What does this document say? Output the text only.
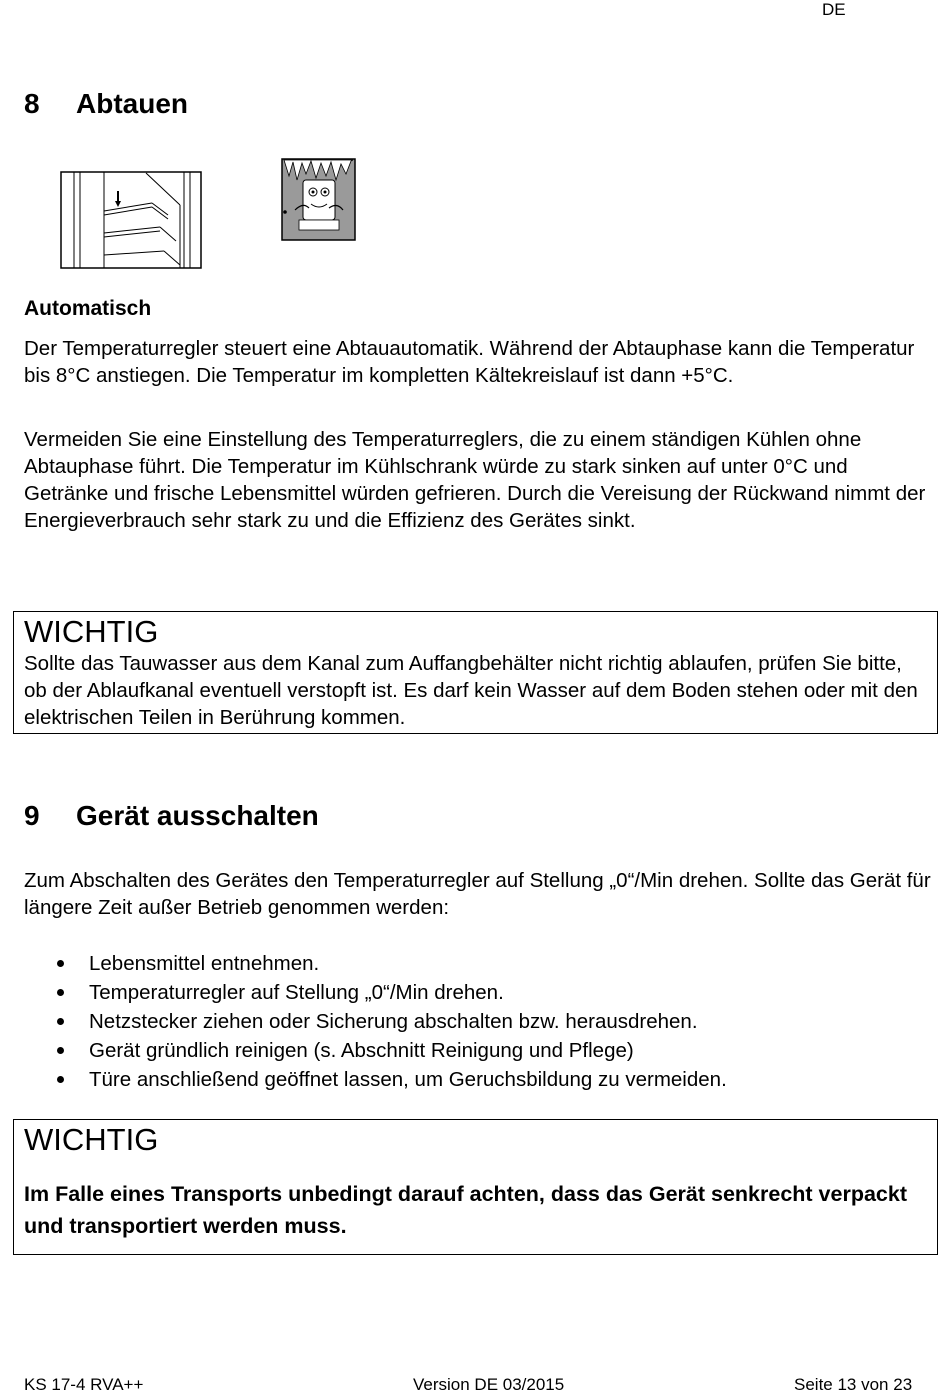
DE
8 Abtauen
Automatisch
Der Temperaturregler steuert eine Abtauautomatik. Während der Abtauphase kann die Temperatur bis 8°C anstiegen. Die Temperatur im kompletten Kältekreislauf ist dann +5°C.
Vermeiden Sie eine Einstellung des Temperaturreglers, die zu einem ständigen Kühlen ohne Abtauphase führt. Die Temperatur im Kühlschrank würde zu stark sinken auf unter 0°C und Getränke und frische Lebensmittel würden gefrieren. Durch die Vereisung der Rückwand nimmt der Energieverbrauch sehr stark zu und die Effizienz des Gerätes sinkt.
WICHTIG
Sollte das Tauwasser aus dem Kanal zum Auffangbehälter nicht richtig ablaufen, prüfen Sie bitte, ob der Ablaufkanal eventuell verstopft ist. Es darf kein Wasser auf dem Boden stehen oder mit den elektrischen Teilen in Berührung kommen.
9 Gerät ausschalten
Zum Abschalten des Gerätes den Temperaturregler auf Stellung „0“/Min drehen. Sollte das Gerät für längere Zeit außer Betrieb genommen werden:
Lebensmittel entnehmen.
Temperaturregler auf Stellung „0“/Min drehen.
Netzstecker ziehen oder Sicherung abschalten bzw. herausdrehen.
Gerät gründlich reinigen (s. Abschnitt Reinigung und Pflege)
Türe anschließend geöffnet lassen, um Geruchsbildung zu vermeiden.
WICHTIG
Im Falle eines Transports unbedingt darauf achten, dass das Gerät senkrecht verpackt und transportiert werden muss.
KS 17-4 RVA++	Version DE 03/2015	Seite 13 von 23
